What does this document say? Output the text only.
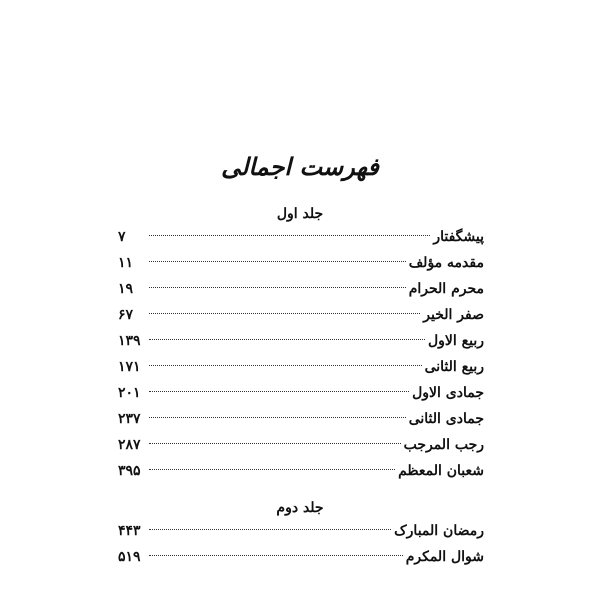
فهرست اجمالی
جلد اول
پیشگفتار
۷
مقدمه مؤلف
۱۱
محرم الحرام
۱۹
صفر الخیر
۶۷
ربیع الاول
۱۳۹
ربیع الثانی
۱۷۱
جمادی الاول
۲۰۱
جمادی الثانی
۲۳۷
رجب المرجب
۲۸۷
شعبان المعظم
۳۹۵
جلد دوم
رمضان المبارک
۴۴۳
شوال المکرم
۵۱۹
